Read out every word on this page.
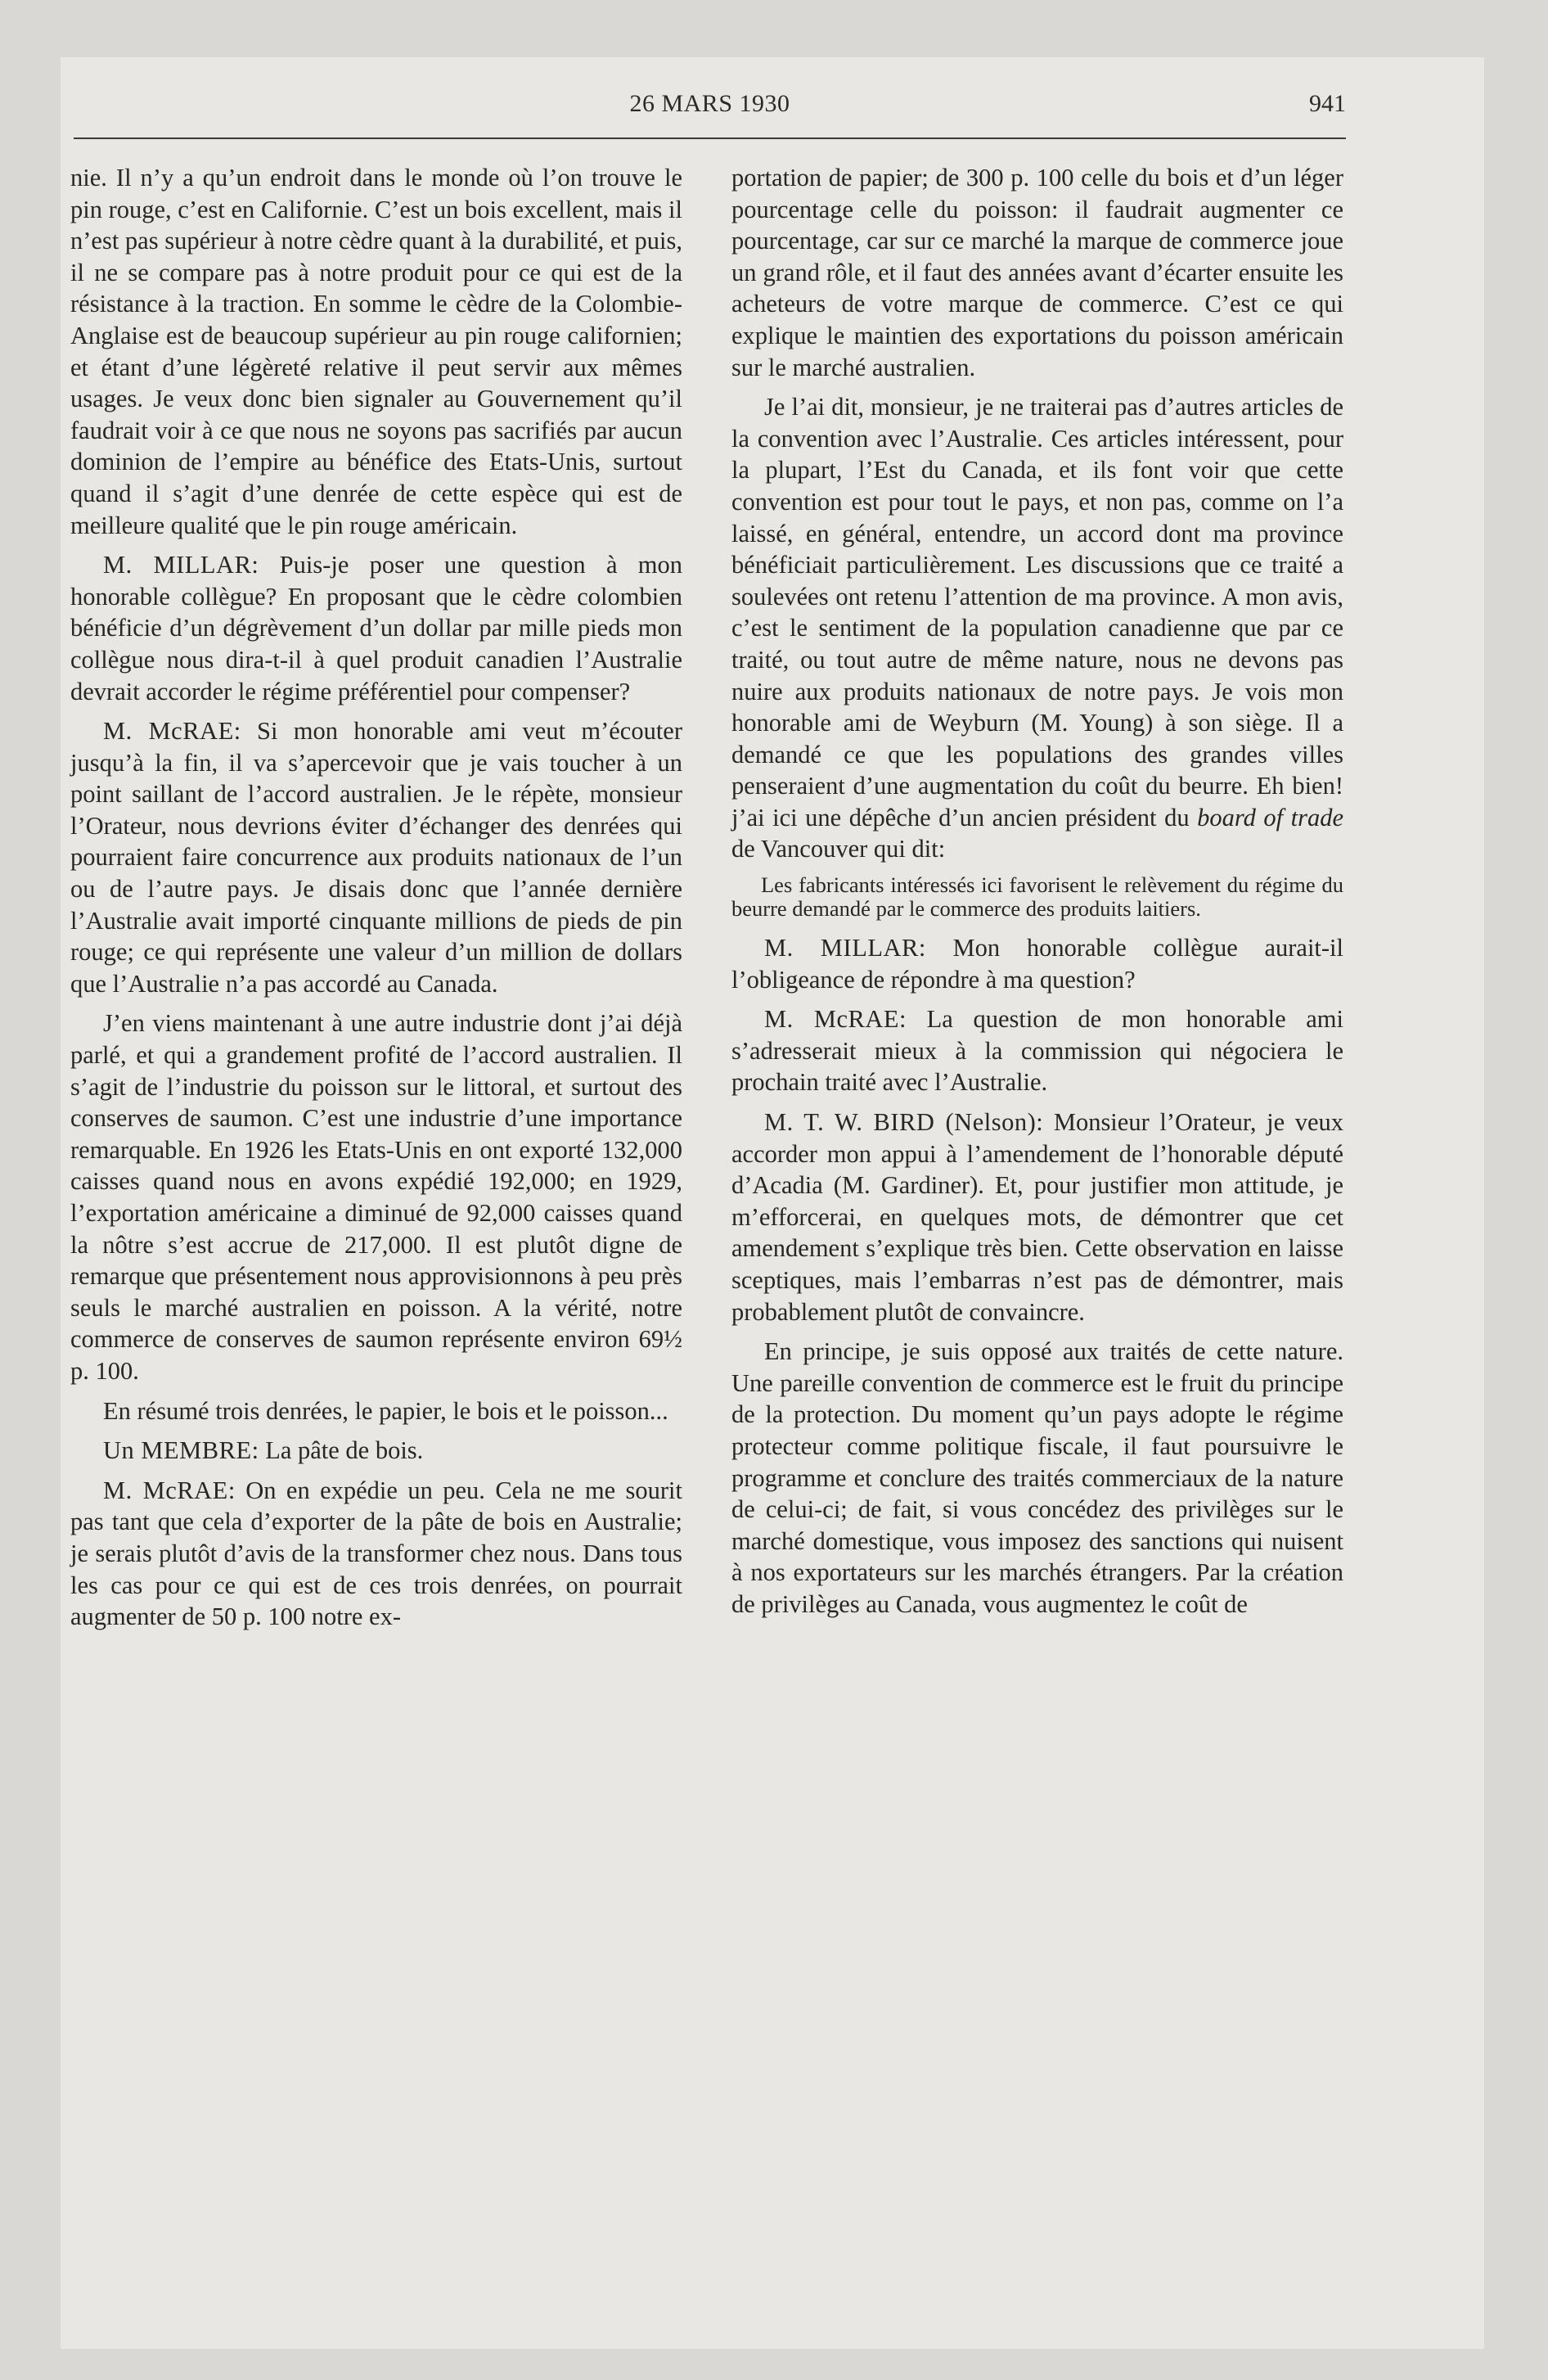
26 MARS 1930	941

nie. Il n’y a qu’un endroit dans le monde où l’on trouve le pin rouge, c’est en Californie. C’est un bois excellent, mais il n’est pas supérieur à notre cèdre quant à la durabilité, et puis, il ne se compare pas à notre produit pour ce qui est de la résistance à la traction. En somme le cèdre de la Colombie-Anglaise est de beaucoup supérieur au pin rouge californien; et étant d’une légèreté relative il peut servir aux mêmes usages. Je veux donc bien signaler au Gouvernement qu’il faudrait voir à ce que nous ne soyons pas sacrifiés par aucun dominion de l’empire au bénéfice des Etats-Unis, surtout quand il s’agit d’une denrée de cette espèce qui est de meilleure qualité que le pin rouge américain.

M. MILLAR: Puis-je poser une question à mon honorable collègue? En proposant que le cèdre colombien bénéficie d’un dégrèvement d’un dollar par mille pieds mon collègue nous dira-t-il à quel produit canadien l’Australie devrait accorder le régime préférentiel pour compenser?

M. McRAE: Si mon honorable ami veut m’écouter jusqu’à la fin, il va s’apercevoir que je vais toucher à un point saillant de l’accord australien. Je le répète, monsieur l’Orateur, nous devrions éviter d’échanger des denrées qui pourraient faire concurrence aux produits nationaux de l’un ou de l’autre pays. Je disais donc que l’année dernière l’Australie avait importé cinquante millions de pieds de pin rouge; ce qui représente une valeur d’un million de dollars que l’Australie n’a pas accordé au Canada.

J’en viens maintenant à une autre industrie dont j’ai déjà parlé, et qui a grandement profité de l’accord australien. Il s’agit de l’industrie du poisson sur le littoral, et surtout des conserves de saumon. C’est une industrie d’une importance remarquable. En 1926 les Etats-Unis en ont exporté 132,000 caisses quand nous en avons expédié 192,000; en 1929, l’exportation américaine a diminué de 92,000 caisses quand la nôtre s’est accrue de 217,000. Il est plutôt digne de remarque que présentement nous approvisionnons à peu près seuls le marché australien en poisson. A la vérité, notre commerce de conserves de saumon représente environ 69½ p. 100.

En résumé trois denrées, le papier, le bois et le poisson...

Un MEMBRE: La pâte de bois.

M. McRAE: On en expédie un peu. Cela ne me sourit pas tant que cela d’exporter de la pâte de bois en Australie; je serais plutôt d’avis de la transformer chez nous. Dans tous les cas pour ce qui est de ces trois denrées, on pourrait augmenter de 50 p. 100 notre ex-

portation de papier; de 300 p. 100 celle du bois et d’un léger pourcentage celle du poisson: il faudrait augmenter ce pourcentage, car sur ce marché la marque de commerce joue un grand rôle, et il faut des années avant d’écarter ensuite les acheteurs de votre marque de commerce. C’est ce qui explique le maintien des exportations du poisson américain sur le marché australien.

Je l’ai dit, monsieur, je ne traiterai pas d’autres articles de la convention avec l’Australie. Ces articles intéressent, pour la plupart, l’Est du Canada, et ils font voir que cette convention est pour tout le pays, et non pas, comme on l’a laissé, en général, entendre, un accord dont ma province bénéficiait particulièrement. Les discussions que ce traité a soulevées ont retenu l’attention de ma province. A mon avis, c’est le sentiment de la population canadienne que par ce traité, ou tout autre de même nature, nous ne devons pas nuire aux produits nationaux de notre pays. Je vois mon honorable ami de Weyburn (M. Young) à son siège. Il a demandé ce que les populations des grandes villes penseraient d’une augmentation du coût du beurre. Eh bien! j’ai ici une dépêche d’un ancien président du board of trade de Vancouver qui dit:

Les fabricants intéressés ici favorisent le relèvement du régime du beurre demandé par le commerce des produits laitiers.

M. MILLAR: Mon honorable collègue aurait-il l’obligeance de répondre à ma question?

M. McRAE: La question de mon honorable ami s’adresserait mieux à la commission qui négociera le prochain traité avec l’Australie.

M. T. W. BIRD (Nelson): Monsieur l’Orateur, je veux accorder mon appui à l’amendement de l’honorable député d’Acadia (M. Gardiner). Et, pour justifier mon attitude, je m’efforcerai, en quelques mots, de démontrer que cet amendement s’explique très bien. Cette observation en laisse sceptiques, mais l’embarras n’est pas de démontrer, mais probablement plutôt de convaincre.

En principe, je suis opposé aux traités de cette nature. Une pareille convention de commerce est le fruit du principe de la protection. Du moment qu’un pays adopte le régime protecteur comme politique fiscale, il faut poursuivre le programme et conclure des traités commerciaux de la nature de celui-ci; de fait, si vous concédez des privilèges sur le marché domestique, vous imposez des sanctions qui nuisent à nos exportateurs sur les marchés étrangers. Par la création de privilèges au Canada, vous augmentez le coût de
